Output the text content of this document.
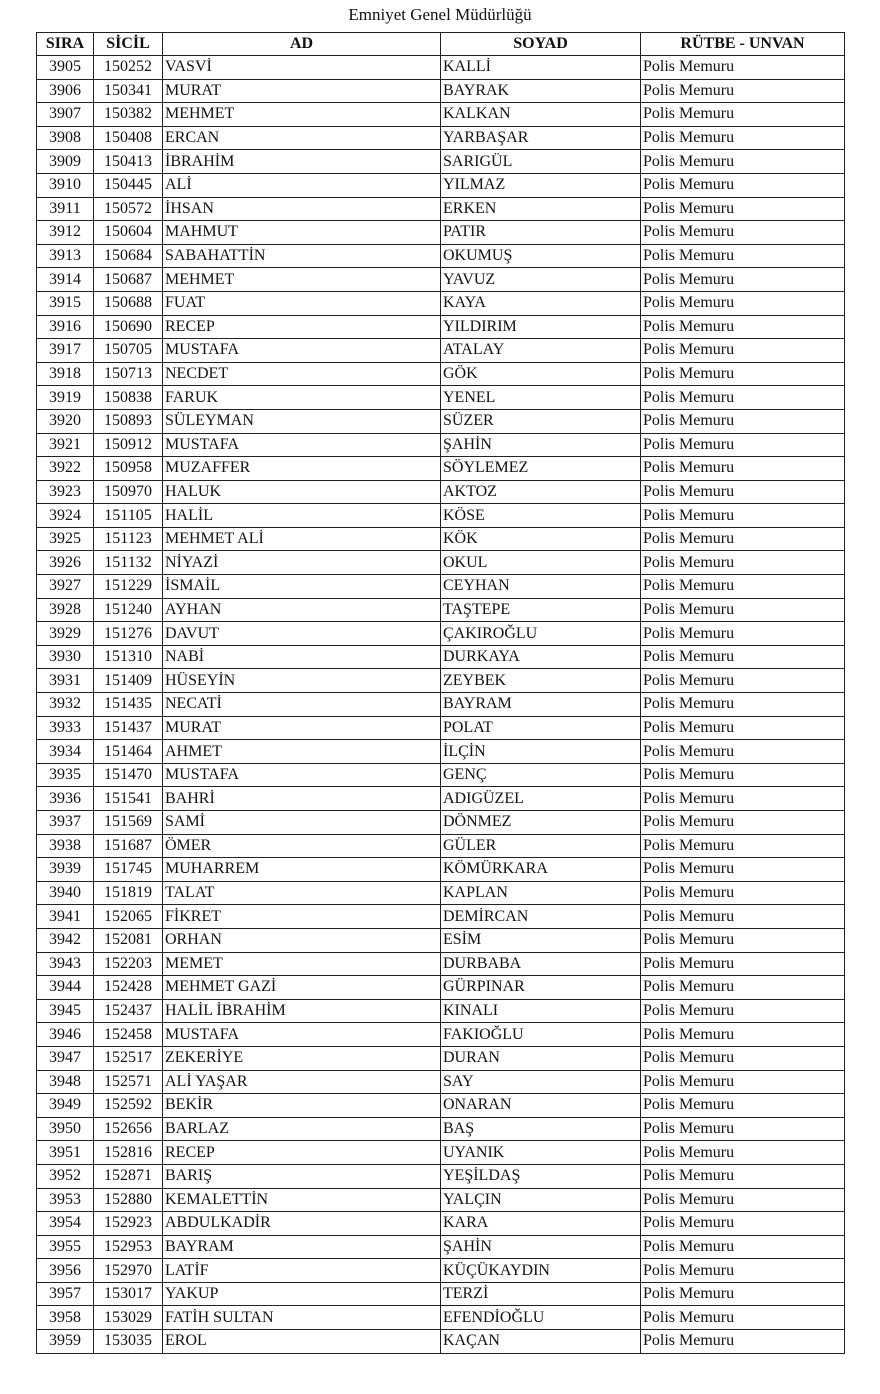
Emniyet Genel Müdürlüğü
SIRA	SİCİL	AD	SOYAD	RÜTBE - UNVAN
3905	150252	VASVİ	KALLİ	Polis Memuru
3906	150341	MURAT	BAYRAK	Polis Memuru
3907	150382	MEHMET	KALKAN	Polis Memuru
3908	150408	ERCAN	YARBAŞAR	Polis Memuru
3909	150413	İBRAHİM	SARIGÜL	Polis Memuru
3910	150445	ALİ	YILMAZ	Polis Memuru
3911	150572	İHSAN	ERKEN	Polis Memuru
3912	150604	MAHMUT	PATIR	Polis Memuru
3913	150684	SABAHATTİN	OKUMUŞ	Polis Memuru
3914	150687	MEHMET	YAVUZ	Polis Memuru
3915	150688	FUAT	KAYA	Polis Memuru
3916	150690	RECEP	YILDIRIM	Polis Memuru
3917	150705	MUSTAFA	ATALAY	Polis Memuru
3918	150713	NECDET	GÖK	Polis Memuru
3919	150838	FARUK	YENEL	Polis Memuru
3920	150893	SÜLEYMAN	SÜZER	Polis Memuru
3921	150912	MUSTAFA	ŞAHİN	Polis Memuru
3922	150958	MUZAFFER	SÖYLEMEZ	Polis Memuru
3923	150970	HALUK	AKTOZ	Polis Memuru
3924	151105	HALİL	KÖSE	Polis Memuru
3925	151123	MEHMET ALİ	KÖK	Polis Memuru
3926	151132	NİYAZİ	OKUL	Polis Memuru
3927	151229	İSMAİL	CEYHAN	Polis Memuru
3928	151240	AYHAN	TAŞTEPE	Polis Memuru
3929	151276	DAVUT	ÇAKIROĞLU	Polis Memuru
3930	151310	NABİ	DURKAYA	Polis Memuru
3931	151409	HÜSEYİN	ZEYBEK	Polis Memuru
3932	151435	NECATİ	BAYRAM	Polis Memuru
3933	151437	MURAT	POLAT	Polis Memuru
3934	151464	AHMET	İLÇİN	Polis Memuru
3935	151470	MUSTAFA	GENÇ	Polis Memuru
3936	151541	BAHRİ	ADIGÜZEL	Polis Memuru
3937	151569	SAMİ	DÖNMEZ	Polis Memuru
3938	151687	ÖMER	GÜLER	Polis Memuru
3939	151745	MUHARREM	KÖMÜRKARA	Polis Memuru
3940	151819	TALAT	KAPLAN	Polis Memuru
3941	152065	FİKRET	DEMİRCAN	Polis Memuru
3942	152081	ORHAN	ESİM	Polis Memuru
3943	152203	MEMET	DURBABA	Polis Memuru
3944	152428	MEHMET GAZİ	GÜRPINAR	Polis Memuru
3945	152437	HALİL İBRAHİM	KINALI	Polis Memuru
3946	152458	MUSTAFA	FAKIOĞLU	Polis Memuru
3947	152517	ZEKERİYE	DURAN	Polis Memuru
3948	152571	ALİ YAŞAR	SAY	Polis Memuru
3949	152592	BEKİR	ONARAN	Polis Memuru
3950	152656	BARLAZ	BAŞ	Polis Memuru
3951	152816	RECEP	UYANIK	Polis Memuru
3952	152871	BARIŞ	YEŞİLDAŞ	Polis Memuru
3953	152880	KEMALETTİN	YALÇIN	Polis Memuru
3954	152923	ABDULKADİR	KARA	Polis Memuru
3955	152953	BAYRAM	ŞAHİN	Polis Memuru
3956	152970	LATİF	KÜÇÜKAYDIN	Polis Memuru
3957	153017	YAKUP	TERZİ	Polis Memuru
3958	153029	FATİH SULTAN	EFENDİOĞLU	Polis Memuru
3959	153035	EROL	KAÇAN	Polis Memuru
